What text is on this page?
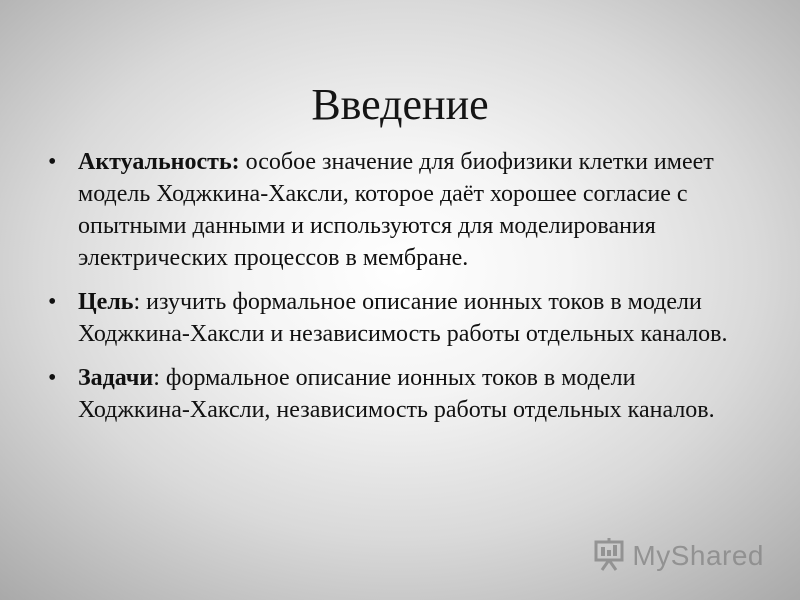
Введение
• Актуальность: особое значение для биофизики клетки имеет модель Ходжкина-Хаксли, которое даёт хорошее согласие с опытными данными и используются для моделирования электрических процессов в мембране.
• Цель: изучить формальное описание ионных токов в модели Ходжкина-Хаксли и независимость работы отдельных каналов.
• Задачи: формальное описание ионных токов в модели Ходжкина-Хаксли, независимость работы отдельных каналов.
MyShared
